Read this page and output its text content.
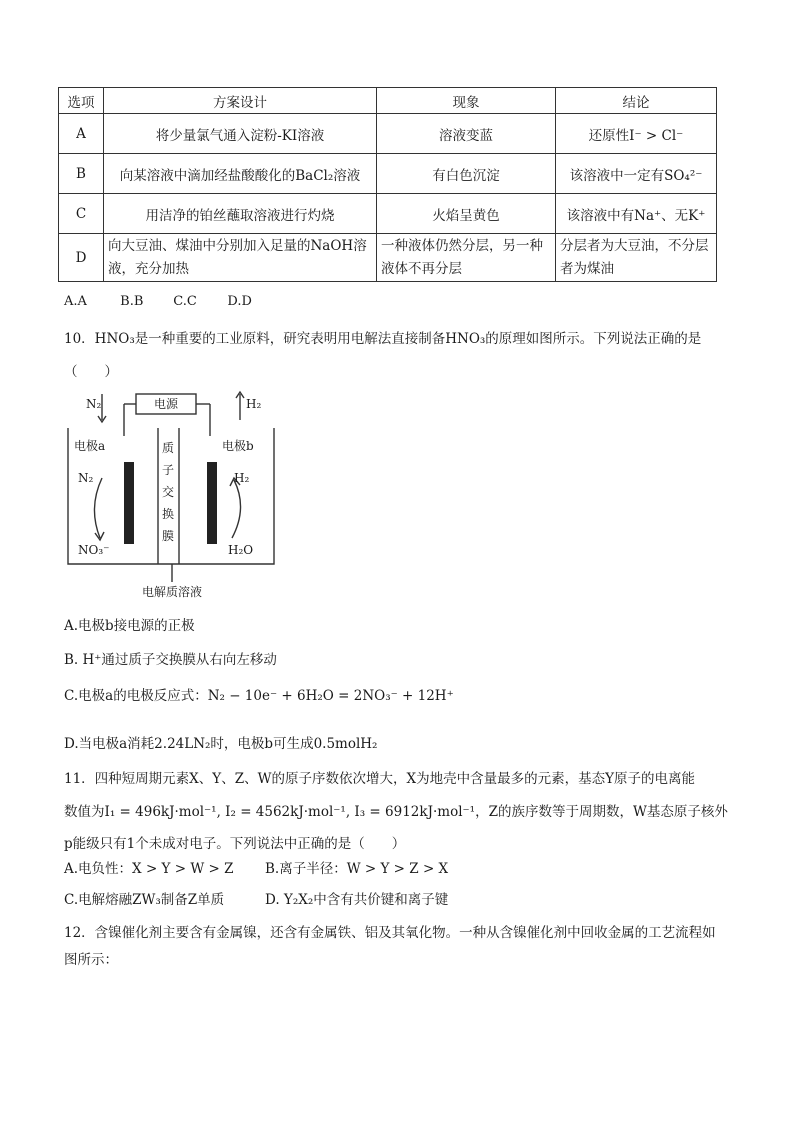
选项	方案设计	现象	结论
A	将少量氯气通入淀粉-KI溶液	溶液变蓝	还原性I⁻ > Cl⁻
B	向某溶液中滴加经盐酸酸化的BaCl₂溶液	有白色沉淀	该溶液中一定有SO₄²⁻
C	用洁净的铂丝蘸取溶液进行灼烧	火焰呈黄色	该溶液中有Na⁺、无K⁺
D	向大豆油、煤油中分别加入足量的NaOH溶液，充分加热	一种液体仍然分层，另一种液体不再分层	分层者为大豆油，不分层者为煤油
A.A	B.B C.C D.D
10．HNO₃是一种重要的工业原料，研究表明用电解法直接制备HNO₃的原理如图所示。下列说法正确的是
（　　）
电源
N₂	H₂
电极a	电极b
N₂
NO₃⁻
H₂
H₂O
质
子
交
换
膜
电解质溶液
A.电极b接电源的正极
B. H⁺通过质子交换膜从右向左移动
C.电极a的电极反应式：N₂ − 10e⁻ + 6H₂O = 2NO₃⁻ + 12H⁺
D.当电极a消耗2.24LN₂时，电极b可生成0.5molH₂
11．四种短周期元素X、Y、Z、W的原子序数依次增大，X为地壳中含量最多的元素，基态Y原子的电离能
数值为I₁ = 496kJ·mol⁻¹, I₂ = 4562kJ·mol⁻¹, I₃ = 6912kJ·mol⁻¹，Z的族序数等于周期数，W基态原子核外
p能级只有1个未成对电子。下列说法中正确的是（　　）
A.电负性：X > Y > W > Z B.离子半径：W > Y > Z > X
C.电解熔融ZW₃制备Z单质	D. Y₂X₂中含有共价键和离子键
12．含镍催化剂主要含有金属镍，还含有金属铁、铝及其氧化物。一种从含镍催化剂中回收金属的工艺流程如
图所示：
